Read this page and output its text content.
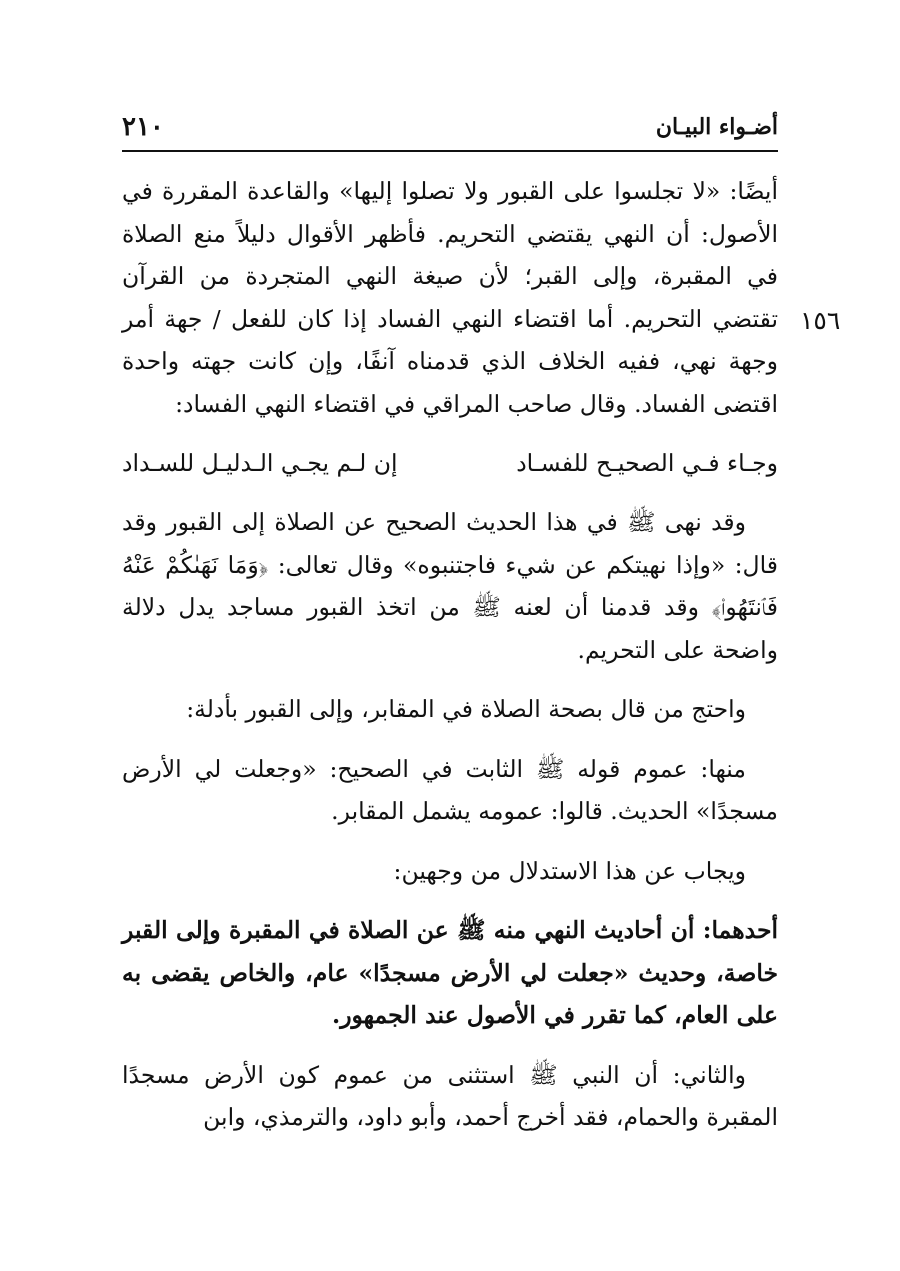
٢١٠	أضـواء البيـان
١٥٦

أيضًا: «لا تجلسوا على القبور ولا تصلوا إليها» والقاعدة المقررة في الأصول: أن النهي يقتضي التحريم. فأظهر الأقوال دليلاً منع الصلاة في المقبرة، وإلى القبر؛ لأن صيغة النهي المتجردة من القرآن تقتضي التحريم. أما اقتضاء النهي الفساد إذا كان للفعل / جهة أمر وجهة نهي، ففيه الخلاف الذي قدمناه آنفًا، وإن كانت جهته واحدة اقتضى الفساد. وقال صاحب المراقي في اقتضاء النهي الفساد:

وجـاء فـي الصحيـح للفسـاد
إن لـم يجـي الـدليـل للسـداد

وقد نهى ﷺ في هذا الحديث الصحيح عن الصلاة إلى القبور وقد قال: «وإذا نهيتكم عن شيء فاجتنبوه» وقال تعالى: ﴿وَمَا نَهَىٰكُمْ عَنْهُ فَٱنتَهُوا۟﴾ وقد قدمنا أن لعنه ﷺ من اتخذ القبور مساجد يدل دلالة واضحة على التحريم.

واحتج من قال بصحة الصلاة في المقابر، وإلى القبور بأدلة:

منها: عموم قوله ﷺ الثابت في الصحيح: «وجعلت لي الأرض مسجدًا» الحديث. قالوا: عمومه يشمل المقابر.

ويجاب عن هذا الاستدلال من وجهين:

أحدهما: أن أحاديث النهي منه ﷺ عن الصلاة في المقبرة وإلى القبر خاصة، وحديث «جعلت لي الأرض مسجدًا» عام، والخاص يقضى به على العام، كما تقرر في الأصول عند الجمهور.

والثاني: أن النبي ﷺ استثنى من عموم كون الأرض مسجدًا المقبرة والحمام، فقد أخرج أحمد، وأبو داود، والترمذي، وابن
